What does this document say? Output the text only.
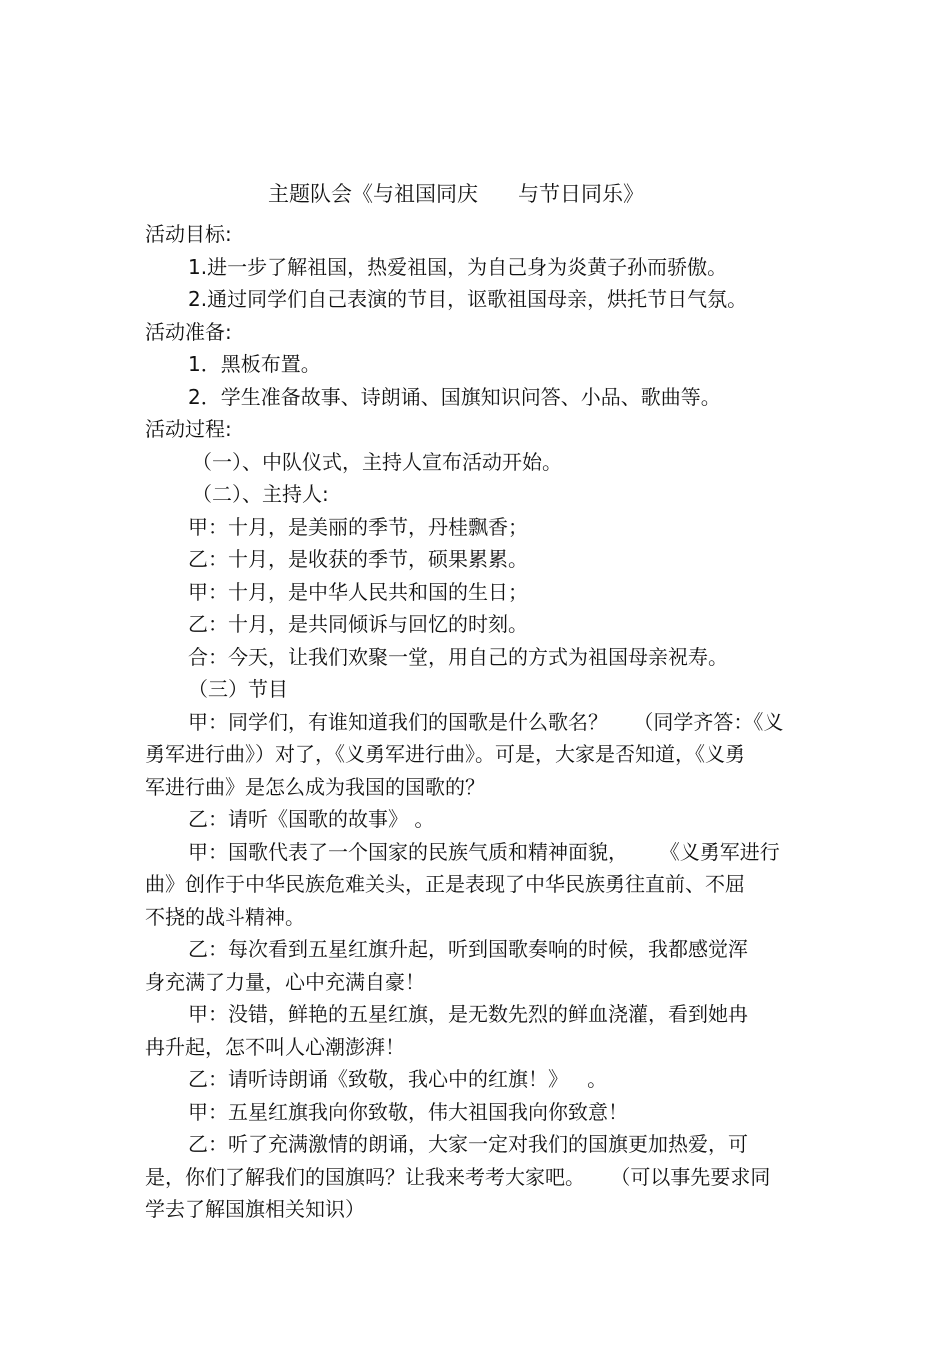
主题队会《与祖国同庆      与节日同乐》

活动目标:

1.进一步了解祖国，热爱祖国，为自己身为炎黄子孙而骄傲。

2.通过同学们自己表演的节目，讴歌祖国母亲，烘托节日气氛。

活动准备:

1．黑板布置。

2．学生准备故事、诗朗诵、国旗知识问答、小品、歌曲等。

活动过程:

（一）、中队仪式，主持人宣布活动开始。

（二）、主持人:

甲：十月，是美丽的季节，丹桂飘香；

乙：十月，是收获的季节，硕果累累。

甲：十月，是中华人民共和国的生日；

乙：十月，是共同倾诉与回忆的时刻。

合：今天，让我们欢聚一堂，用自己的方式为祖国母亲祝寿。

（三）节目

甲：同学们，有谁知道我们的国歌是什么歌名？    （同学齐答：《义

勇军进行曲》）对了，《义勇军进行曲》。可是，大家是否知道，《义勇

军进行曲》是怎么成为我国的国歌的？

乙：请听《国歌的故事》 。

甲：国歌代表了一个国家的民族气质和精神面貌，     《义勇军进行

曲》创作于中华民族危难关头，正是表现了中华民族勇往直前、不屈

不挠的战斗精神。

乙：每次看到五星红旗升起，听到国歌奏响的时候，我都感觉浑

身充满了力量，心中充满自豪！

甲：没错，鲜艳的五星红旗，是无数先烈的鲜血浇灌，看到她冉

冉升起，怎不叫人心潮澎湃！

乙：请听诗朗诵《致敬，我心中的红旗！》   。

甲：五星红旗我向你致敬，伟大祖国我向你致意！

乙：听了充满激情的朗诵，大家一定对我们的国旗更加热爱，可

是，你们了解我们的国旗吗？让我来考考大家吧。    （可以事先要求同

学去了解国旗相关知识）
